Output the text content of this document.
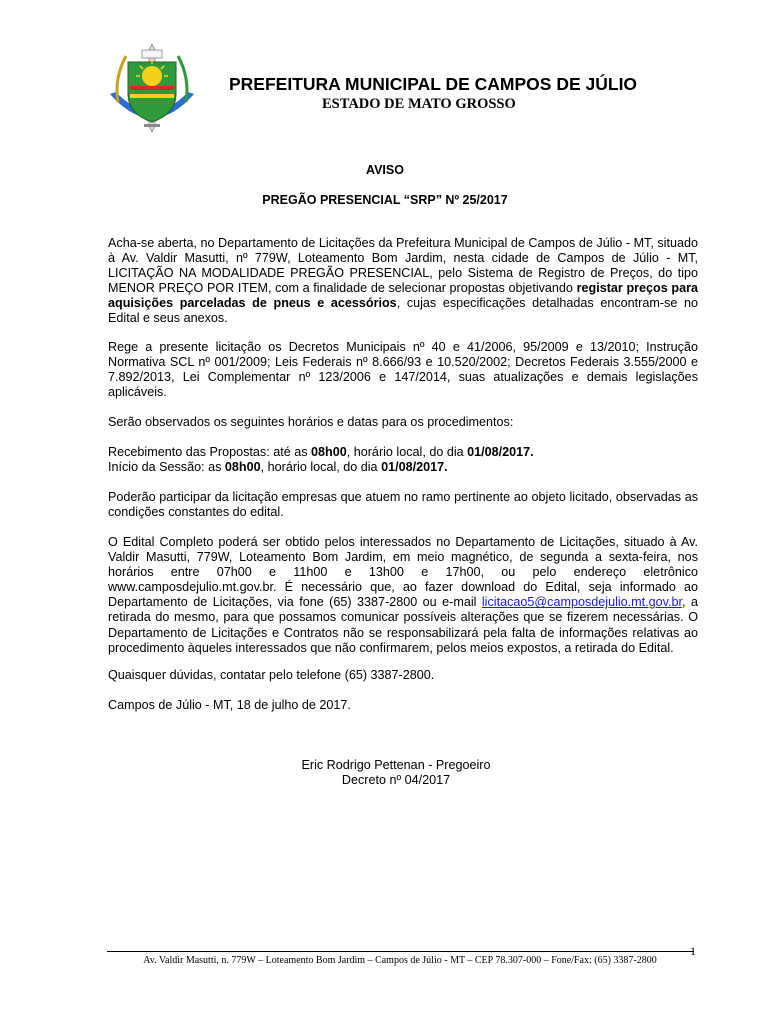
PREFEITURA MUNICIPAL DE CAMPOS DE JÚLIO
ESTADO DE MATO GROSSO
AVISO
PREGÃO PRESENCIAL “SRP” Nº 25/2017
Acha-se aberta, no Departamento de Licitações da Prefeitura Municipal de Campos de Júlio - MT, situado
à Av. Valdir Masutti, nº 779W, Loteamento Bom Jardim, nesta cidade de Campos de Júlio - MT,
LICITAÇÃO NA MODALIDADE PREGÃO PRESENCIAL, pelo Sistema de Registro de Preços, do tipo
MENOR PREÇO POR ITEM, com a finalidade de selecionar propostas objetivando registar preços para
aquisições parceladas de pneus e acessórios, cujas especificações detalhadas encontram-se no
Edital e seus anexos.
Rege a presente licitação os Decretos Municipais nº 40 e 41/2006, 95/2009 e 13/2010; Instrução
Normativa SCL nº 001/2009; Leis Federais nº 8.666/93 e 10.520/2002; Decretos Federais 3.555/2000 e
7.892/2013, Lei Complementar nº 123/2006 e 147/2014, suas atualizações e demais legislações
aplicáveis.
Serão observados os seguintes horários e datas para os procedimentos:
Recebimento das Propostas: até as 08h00, horário local, do dia 01/08/2017.
Início da Sessão: as 08h00, horário local, do dia 01/08/2017.
Poderão participar da licitação empresas que atuem no ramo pertinente ao objeto licitado, observadas as
condições constantes do edital.
O Edital Completo poderá ser obtido pelos interessados no Departamento de Licitações, situado à Av.
Valdir Masutti, 779W, Loteamento Bom Jardim, em meio magnético, de segunda a sexta-feira, nos
horários entre 07h00 e 11h00 e 13h00 e 17h00, ou pelo endereço eletrônico
www.camposdejulio.mt.gov.br. É necessário que, ao fazer download do Edital, seja informado ao
Departamento de Licitações, via fone (65) 3387-2800 ou e-mail licitacao5@camposdejulio.mt.gov.br, a
retirada do mesmo, para que possamos comunicar possíveis alterações que se fizerem necessárias. O
Departamento de Licitações e Contratos não se responsabilizará pela falta de informações relativas ao
procedimento àqueles interessados que não confirmarem, pelos meios expostos, a retirada do Edital.
Quaisquer dúvidas, contatar pelo telefone (65) 3387-2800.
Campos de Júlio - MT, 18 de julho de 2017.
Eric Rodrigo Pettenan - Pregoeiro
Decreto nº 04/2017
1
Av. Valdir Masutti, n. 779W – Loteamento Bom Jardim – Campos de Júlio - MT – CEP 78.307-000 – Fone/Fax: (65) 3387-2800
